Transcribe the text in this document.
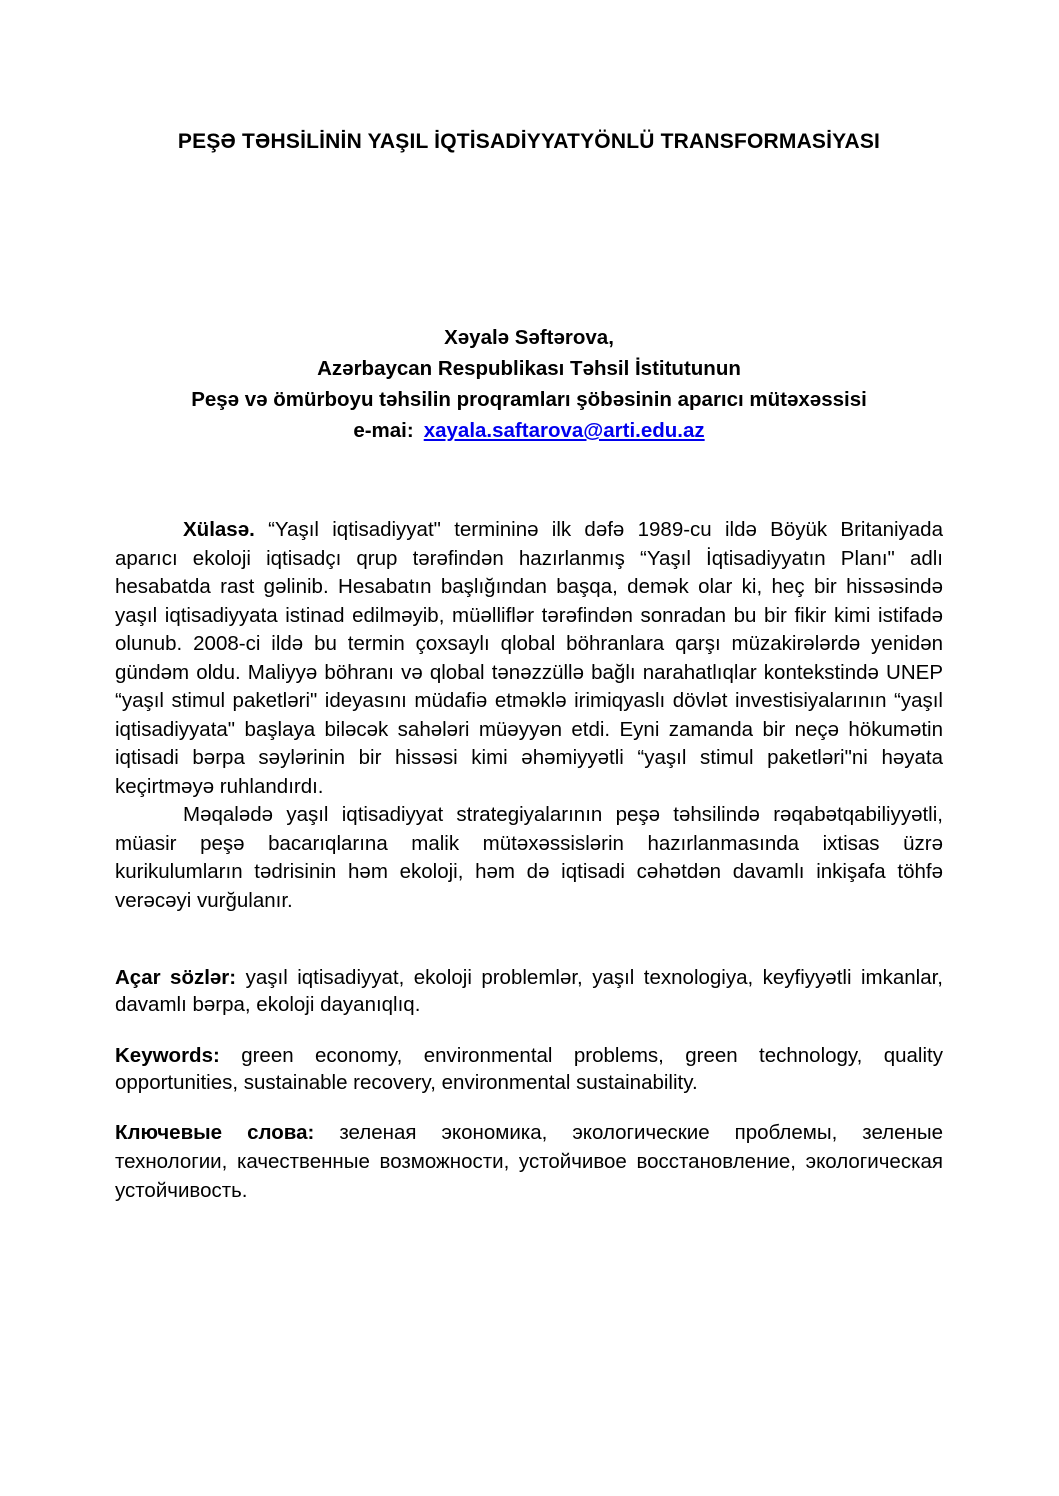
PEŞƏ TƏHSİLİNİN YAŞIL İQTİSADİYYATYÖNLÜ TRANSFORMASİYASI
Xəyalə Səftərova,
Azərbaycan Respublikası Təhsil İstitutunun
Peşə və ömürboyu təhsilin proqramları şöbəsinin aparıcı mütəxəssisi
e-mai: xayala.saftarova@arti.edu.az

Xülasə. “Yaşıl iqtisadiyyat" termininə ilk dəfə 1989-cu ildə Böyük Britaniyada aparıcı ekoloji iqtisadçı qrup tərəfindən hazırlanmış “Yaşıl İqtisadiyyatın Planı" adlı hesabatda rast gəlinib. Hesabatın başlığından başqa, demək olar ki, heç bir hissəsində yaşıl iqtisadiyyata istinad edilməyib, müəlliflər tərəfindən sonradan bu bir fikir kimi istifadə olunub. 2008-ci ildə bu termin çoxsaylı qlobal böhranlara qarşı müzakirələrdə yenidən gündəm oldu. Maliyyə böhranı və qlobal tənəzzüllə bağlı narahatlıqlar kontekstində UNEP “yaşıl stimul paketləri" ideyasını müdafiə etməklə irimiqyaslı dövlət investisiyalarının “yaşıl iqtisadiyyata" başlaya biləcək sahələri müəyyən etdi. Eyni zamanda bir neçə hökumətin iqtisadi bərpa səylərinin bir hissəsi kimi əhəmiyyətli “yaşıl stimul paketləri"ni həyata keçirtməyə ruhlandırdı.

Məqalədə yaşıl iqtisadiyyat strategiyalarının peşə təhsilində rəqabətqabiliyyətli, müasir peşə bacarıqlarına malik mütəxəssislərin hazırlanmasında ixtisas üzrə kurikulumların tədrisinin həm ekoloji, həm də iqtisadi cəhətdən davamlı inkişafa töhfə verəcəyi vurğulanır.

Açar sözlər: yaşıl iqtisadiyyat, ekoloji problemlər, yaşıl texnologiya, keyfiyyətli imkanlar, davamlı bərpa, ekoloji dayanıqlıq.

Keywords: green economy, environmental problems, green technology, quality opportunities, sustainable recovery, environmental sustainability.

Ключевые слова: зеленая экономика, экологические проблемы, зеленые технологии, качественные возможности, устойчивое восстановление, экологическая устойчивость.
